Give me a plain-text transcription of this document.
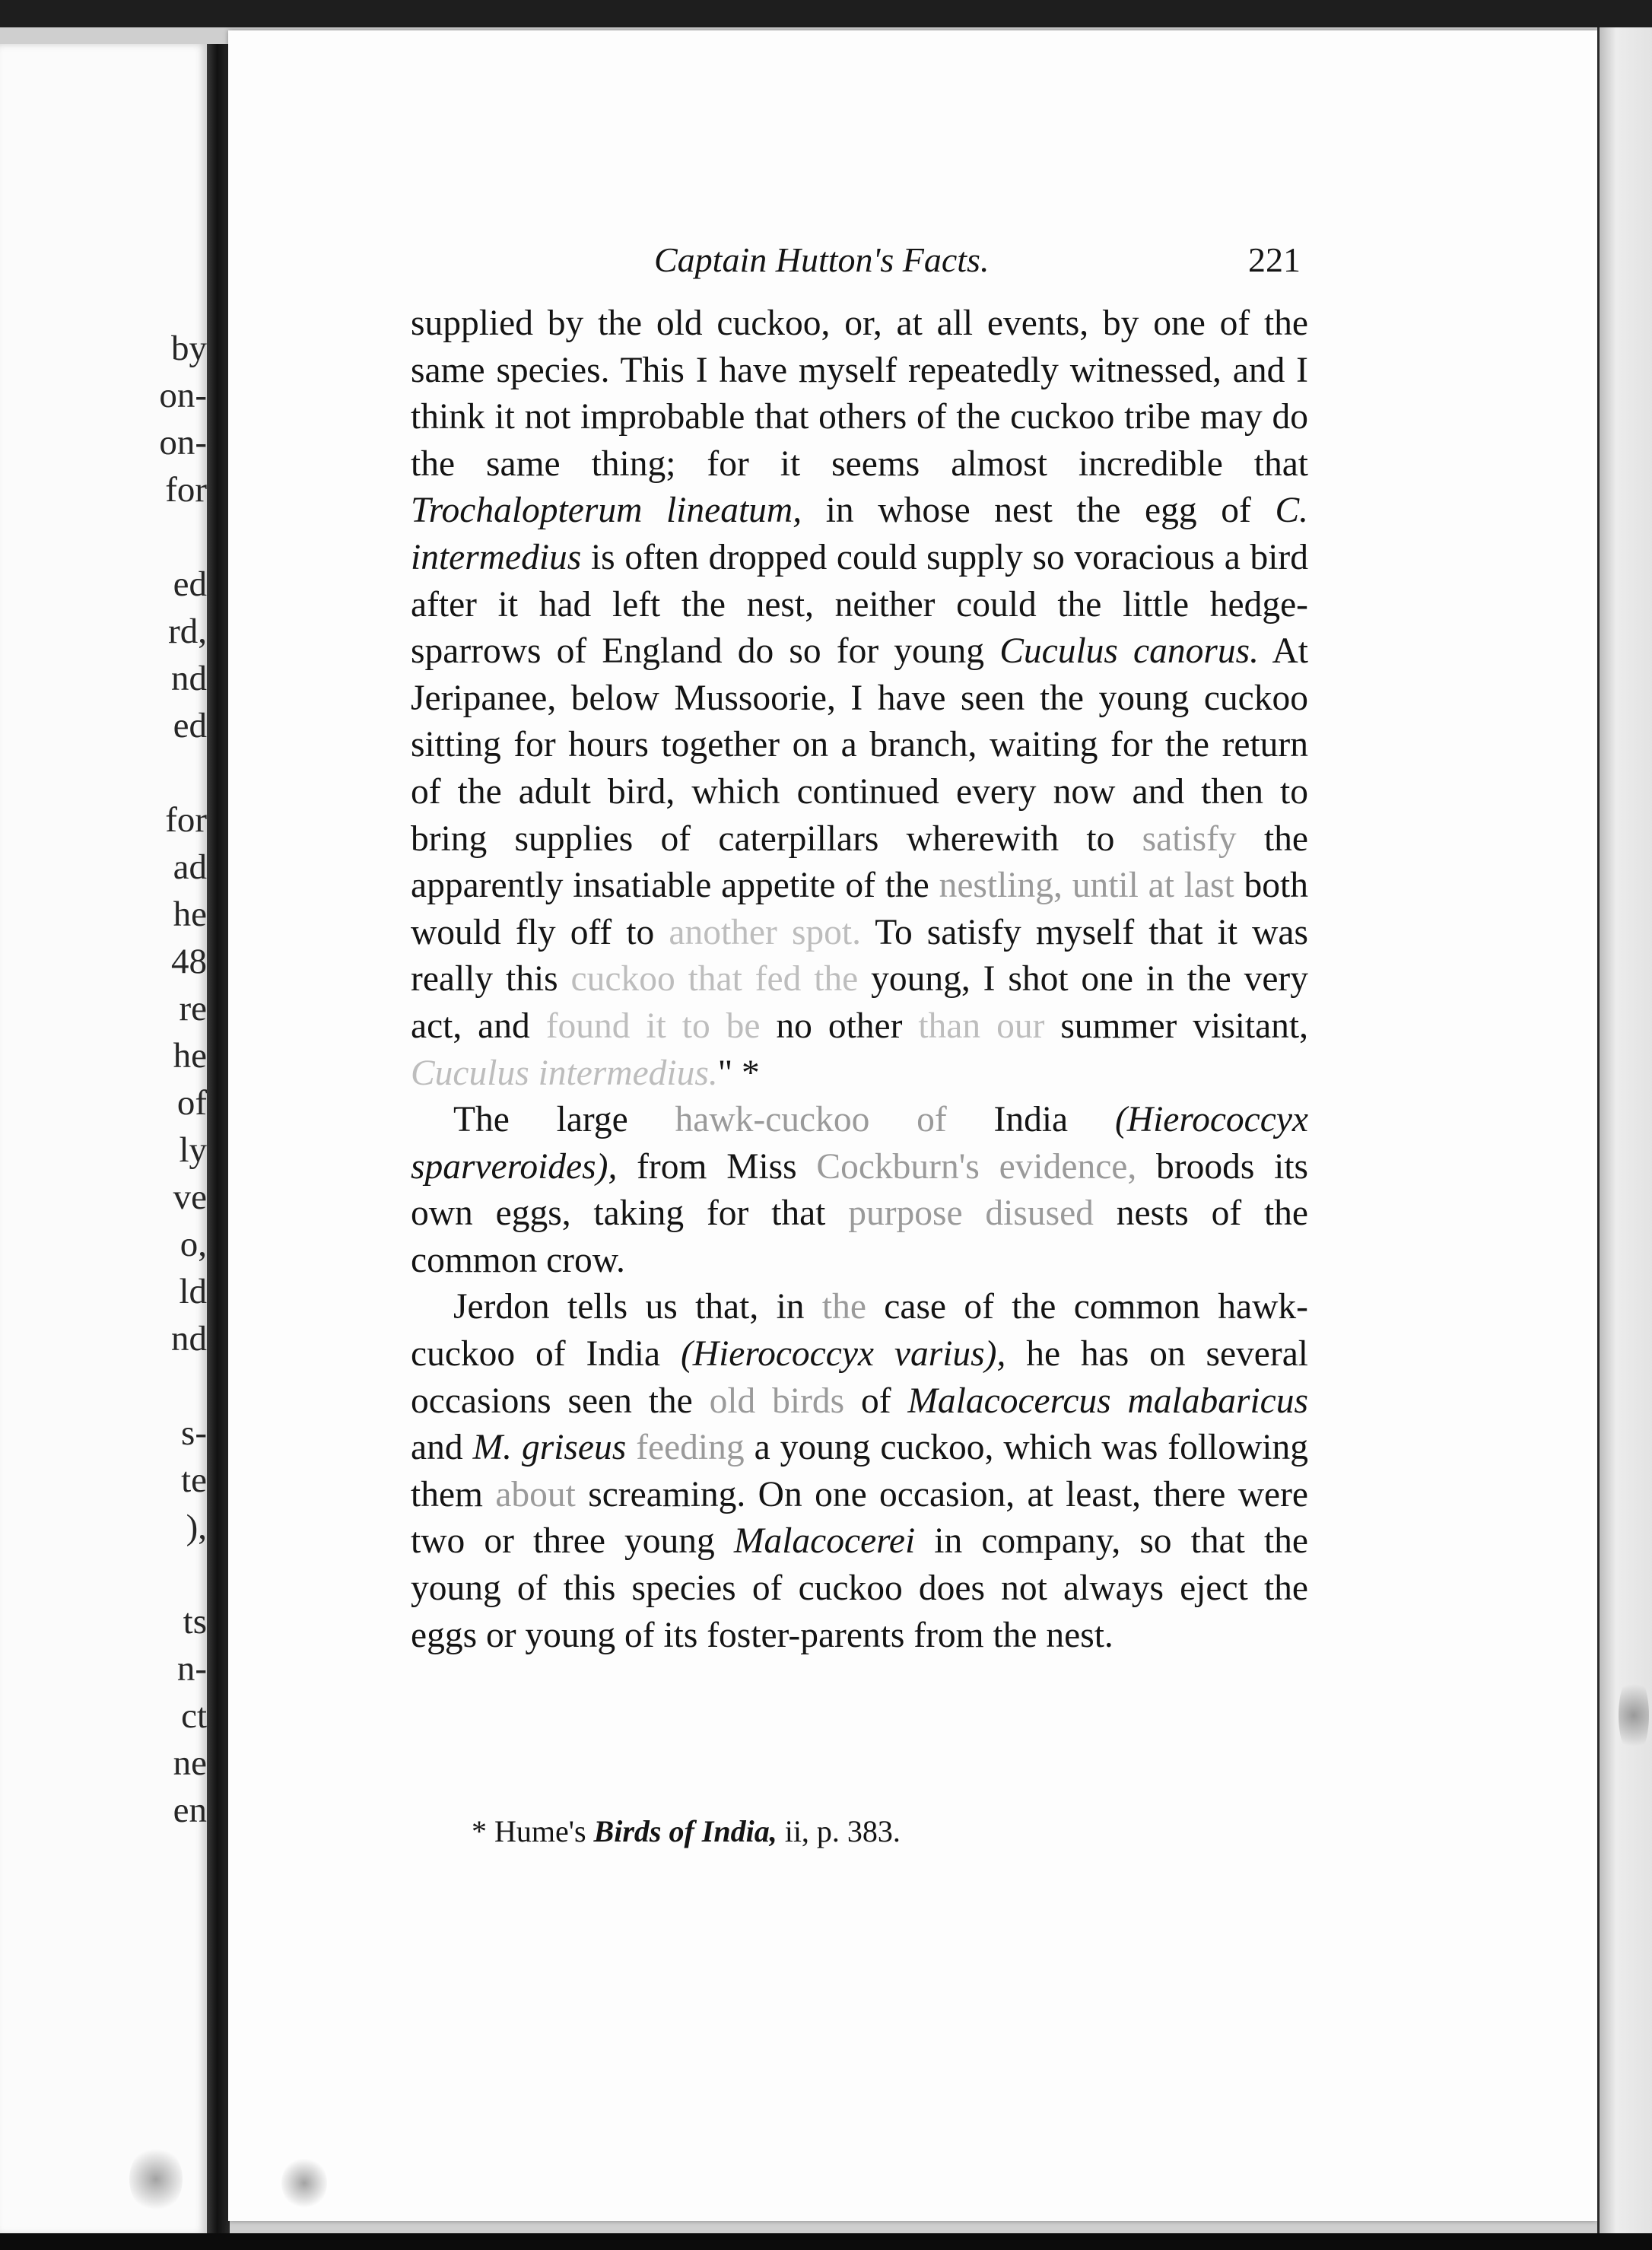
by
on-
on-
for
ed
rd,
nd
ed
for
ad
he
48
re
he
of
ly
ve
o,
ld
nd
s-
te
),
ts
n-
ct
ne
en
Captain Hutton's Facts.	221

supplied by the old cuckoo, or, at all events, by one of the same species. This I have myself repeatedly witnessed, and I think it not improbable that others of the cuckoo tribe may do the same thing; for it seems almost incredible that Trochalopterum lineatum, in whose nest the egg of C. intermedius is often dropped could supply so voracious a bird after it had left the nest, neither could the little hedge-sparrows of England do so for young Cuculus canorus. At Jeripanee, below Mussoorie, I have seen the young cuckoo sitting for hours together on a branch, waiting for the return of the adult bird, which continued every now and then to bring supplies of caterpillars wherewith to satisfy the apparently insatiable appetite of the nestling, until at last both would fly off to another spot. To satisfy myself that it was really this cuckoo that fed the young, I shot one in the very act, and found it to be no other than our summer visitant, Cuculus intermedius." *

The large hawk-cuckoo of India (Hierococcyx sparveroides), from Miss Cockburn's evidence, broods its own eggs, taking for that purpose disused nests of the common crow.

Jerdon tells us that, in the case of the common hawk-cuckoo of India (Hierococcyx varius), he has on several occasions seen the old birds of Malacocercus malabaricus and M. griseus feeding a young cuckoo, which was following them about screaming. On one occasion, at least, there were two or three young Malacocerei in company, so that the young of this species of cuckoo does not always eject the eggs or young of its foster-parents from the nest.

* Hume's Birds of India, ii, p. 383.
